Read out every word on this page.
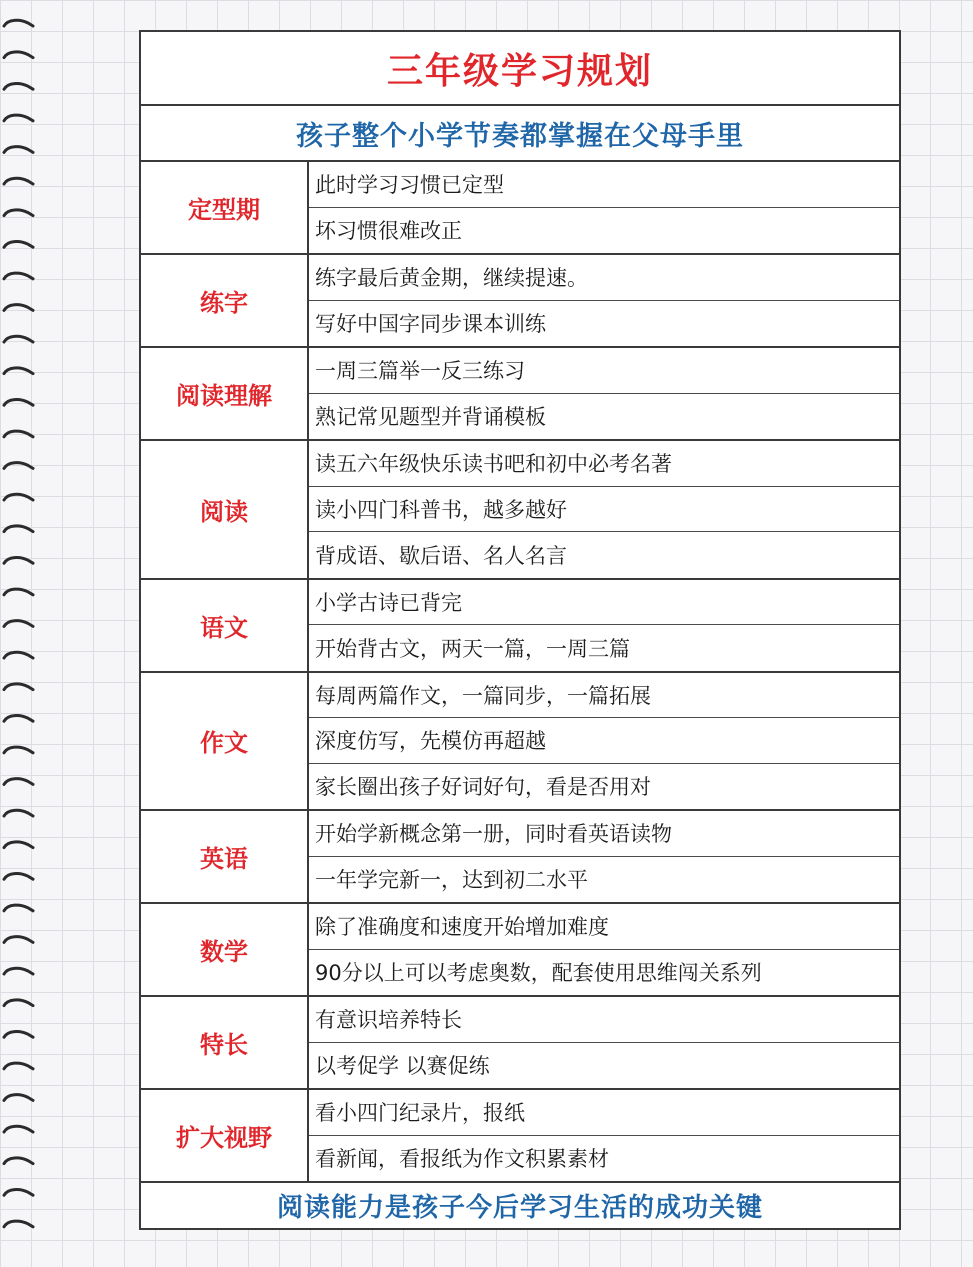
三年级学习规划
孩子整个小学节奏都掌握在父母手里
定型期
此时学习习惯已定型
坏习惯很难改正
练字
练字最后黄金期，继续提速。
写好中国字同步课本训练
阅读理解
一周三篇举一反三练习
熟记常见题型并背诵模板
阅读
读五六年级快乐读书吧和初中必考名著
读小四门科普书，越多越好
背成语、歇后语、名人名言
语文
小学古诗已背完
开始背古文，两天一篇，一周三篇
作文
每周两篇作文，一篇同步，一篇拓展
深度仿写，先模仿再超越
家长圈出孩子好词好句，看是否用对
英语
开始学新概念第一册，同时看英语读物
一年学完新一，达到初二水平
数学
除了准确度和速度开始增加难度
90分以上可以考虑奥数，配套使用思维闯关系列
特长
有意识培养特长
以考促学 以赛促练
扩大视野
看小四门纪录片，报纸
看新闻，看报纸为作文积累素材
阅读能力是孩子今后学习生活的成功关键
